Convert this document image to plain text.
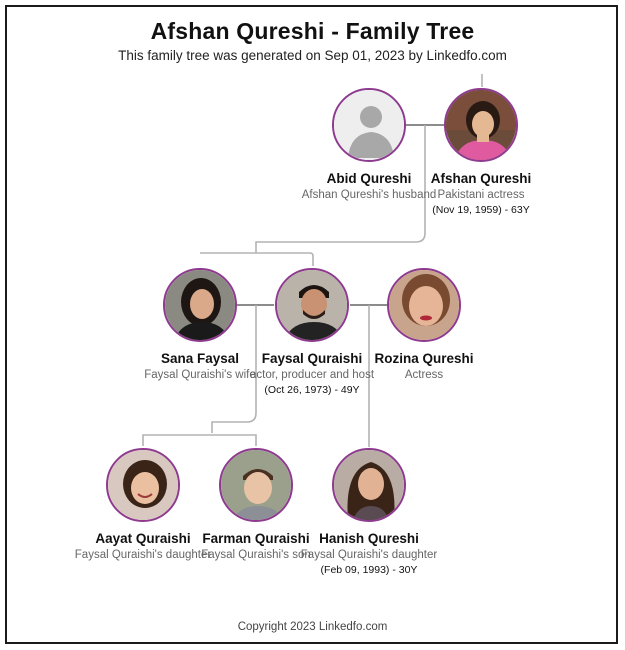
Afshan Qureshi - Family Tree
This family tree was generated on Sep 01, 2023 by Linkedfo.com
Abid Qureshi
Afshan Qureshi's husband
Afshan Qureshi
Pakistani actress
(Nov 19, 1959) - 63Y
Sana Faysal
Faysal Quraishi's wife
Faysal Quraishi
actor, producer and host
(Oct 26, 1973) - 49Y
Rozina Qureshi
Actress
Aayat Quraishi
Faysal Quraishi's daughter
Farman Quraishi
Faysal Quraishi's son
Hanish Qureshi
Faysal Quraishi's daughter
(Feb 09, 1993) - 30Y
Copyright 2023 Linkedfo.com
